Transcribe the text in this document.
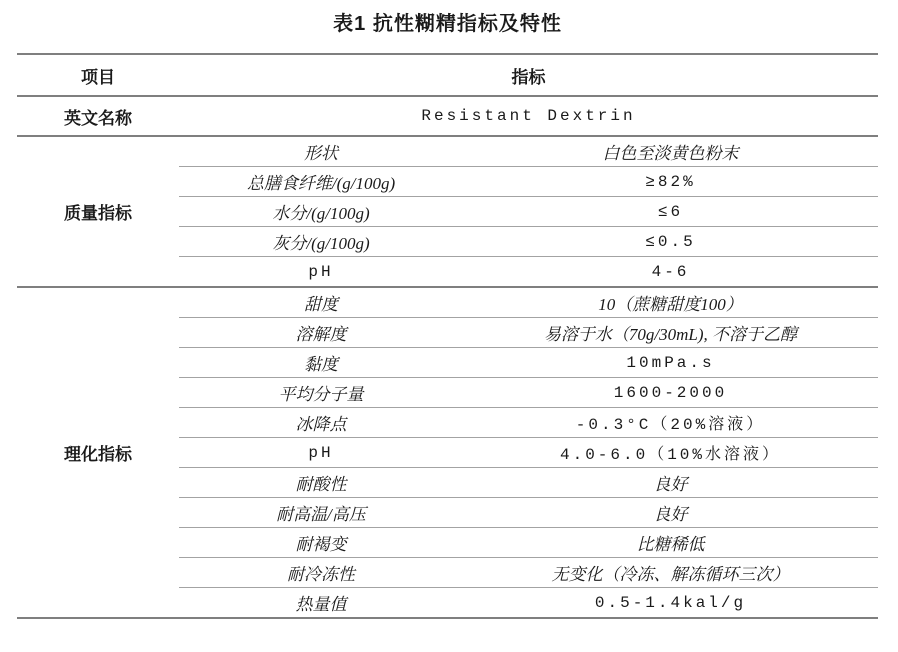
表1 抗性糊精指标及特性
项目	指标	
英文名称	Resistant Dextrin	
质量指标	形状	白色至淡黄色粉末
	总膳食纤维/(g/100g)	≥82%
	水分/(g/100g)	≤6
	灰分/(g/100g)	≤0.5
	pH	4-6
理化指标	甜度	10（蔗糖甜度100）
	溶解度	易溶于水（70g/30mL), 不溶于乙醇
	黏度	10mPa.s
	平均分子量	1600-2000
	冰降点	-0.3°C（20%溶液）
	pH	4.0-6.0（10%水溶液）
	耐酸性	良好
	耐高温/高压	良好
	耐褐变	比糖稀低
	耐冷冻性	无变化（冷冻、解冻循环三次）
	热量值	0.5-1.4kal/g
